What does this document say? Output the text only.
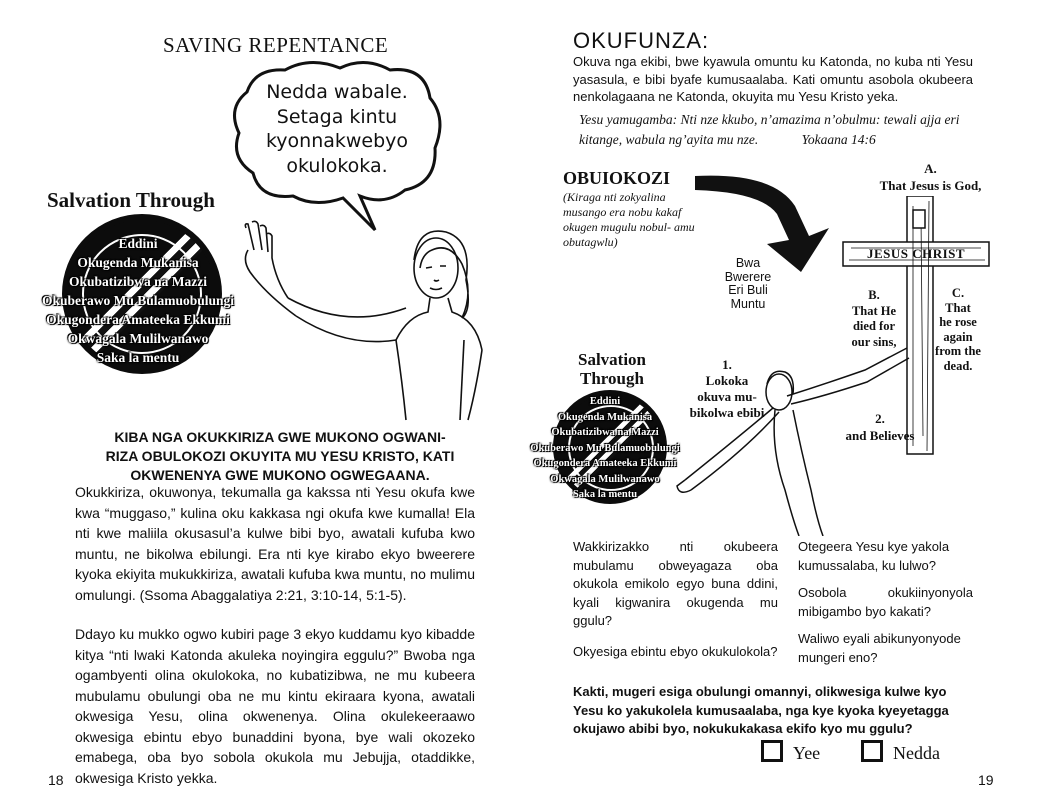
SAVING REPENTANCE
Nedda wabale.
Setaga kintu
kyonnakwebyo
okulokoka.
Salvation Through
Eddini
Okugenda Mukanisa
Okubatizibwa na Mazzi
Okuberawo Mu Bulamuobulungi
Okugondera Amateeka Ekkumi
Okwagala Mulilwanawo
Saka la mentu
KIBA NGA OKUKKIRIZA GWE MUKONO OGWANI-
RIZA OBULOKOZI OKUYITA MU YESU KRISTO, KATI
OKWENENYA GWE MUKONO OGWEGAANA.

Okukkiriza, okuwonya, tekumalla ga kakssa nti Yesu okufa kwe kwa “muggaso,” kulina oku kakkasa ngi okufa kwe kumalla! Ela nti kwe maliila okusasul’a kulwe bibi byo, awatali kufuba kwo muntu, ne bikolwa ebilungi. Era nti kye kirabo ekyo bweerere kyoka ekiyita mukukkiriza, awatali kufuba kwa muntu, no mulimu omulungi. (Ssoma Abaggalatiya 2:21, 3:10-14, 5:1-5).

Ddayo ku mukko ogwo kubiri page 3 ekyo kuddamu kyo kibadde kitya “nti lwaki Katonda akuleka noyingira eggulu?” Bwoba nga ogambyenti olina okulokoka, no kubatizibwa, ne mu kubeera mubulamu obulungi oba ne mu kintu ekiraara kyona, awatali okwesiga Yesu, olina okwenenya. Olina okulekeeraawo okwesiga ebintu ebyo bunaddini byona, bye wali okozeko emabega, oba byo sobola okukola mu Jebujja, otaddikke, okwesiga Kristo yekka.

18
OKUFUNZA:

Okuva nga ekibi, bwe kyawula omuntu ku Katonda, no kuba nti Yesu yasasula, e bibi byafe kumusaalaba. Kati omuntu asobola okubeera nenkolagaana ne Katonda, okuyita mu Yesu Kristo yeka.

Yesu yamugamba: Nti nze kkubo, n’amazima n’obulmu: tewali ajja eri kitange, wabula ng’ayita mu nze.	Yokaana 14:6
OBUIOKOZI
(Kiraga nti zokyalina musango era nobu kakaf okugen mugulu nobul- amu obutagwlu)
Bwa
Bwerere
Eri Buli
Muntu
A.
That Jesus is God,
JESUS CHRIST
B.
That He
died for
our sins,
C.
That
he rose
again
from the
dead.
Salvation
Through
1.
Lokoka
okuva mu-
bikolwa ebibi	2.
and Believes
Eddini
Okugenda Mukanisa
Okubatizibwa na Mazzi
Okuberawo Mu Bulamuobulungi
Okugondera Amateeka Ekkumi
Okwagala Mulilwanawo
Saka la mentu

Wakkirizakko nti okubeera mubulamu obweyagaza oba okukola emikolo egyo buna ddini, kyali kigwanira okugenda mu ggulu?

Okyesiga ebintu ebyo okukulokola?

Otegeera Yesu kye yakola kumussalaba, ku lulwo?

Osobola okukiinyonyola mibigambo byo kakati?

Waliwo eyali abikunyonyode mungeri eno?

Kakti, mugeri esiga obulungi omannyi, olikwesiga kulwe kyo Yesu ko yakukolela kumusaalaba, nga kye kyoka kyeyetagga okujawo abibi byo, nokukukakasa ekifo kyo mu ggulu?

Yee	Nedda
19
